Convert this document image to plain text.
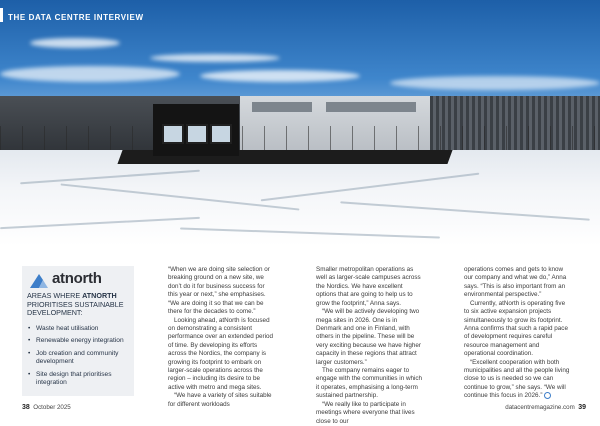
THE DATA CENTRE INTERVIEW
atnorth
AREAS WHERE ATNORTH PRIORITISES SUSTAINABLE DEVELOPMENT:
• Waste heat utilisation
• Renewable energy integration
• Job creation and community development
• Site design that prioritises integration

“When we are doing site selection or breaking ground on a new site, we don’t do it for business success for this year or next,” she emphasises. “We are doing it so that we can be there for the decades to come.”

Looking ahead, atNorth is focused on demonstrating a consistent performance over an extended period of time. By developing its efforts across the Nordics, the company is growing its footprint to embark on larger-scale operations across the region – including its desire to be active with metro and mega sites.

“We have a variety of sites suitable for different workloads

Smaller metropolitan operations as well as larger-scale campuses across the Nordics. We have excellent options that are going to help us to grow the footprint,” Anna says.

“We will be actively developing two mega sites in 2026. One is in Denmark and one in Finland, with others in the pipeline. These will be very exciting because we have higher capacity in these regions that attract larger customers.”

The company remains eager to engage with the communities in which it operates, emphasising a long-term sustained partnership.

“We really like to participate in meetings where everyone that lives close to our

operations comes and gets to know our company and what we do,” Anna says. “This is also important from an environmental perspective.”

Currently, atNorth is operating five to six active expansion projects simultaneously to grow its footprint. Anna confirms that such a rapid pace of development requires careful resource management and operational coordination.

“Excellent cooperation with both municipalities and all the people living close to us is needed so we can continue to grow,” she says. “We will continue this focus in 2026.”

38 October 2025	datacentremagazine.com 39
